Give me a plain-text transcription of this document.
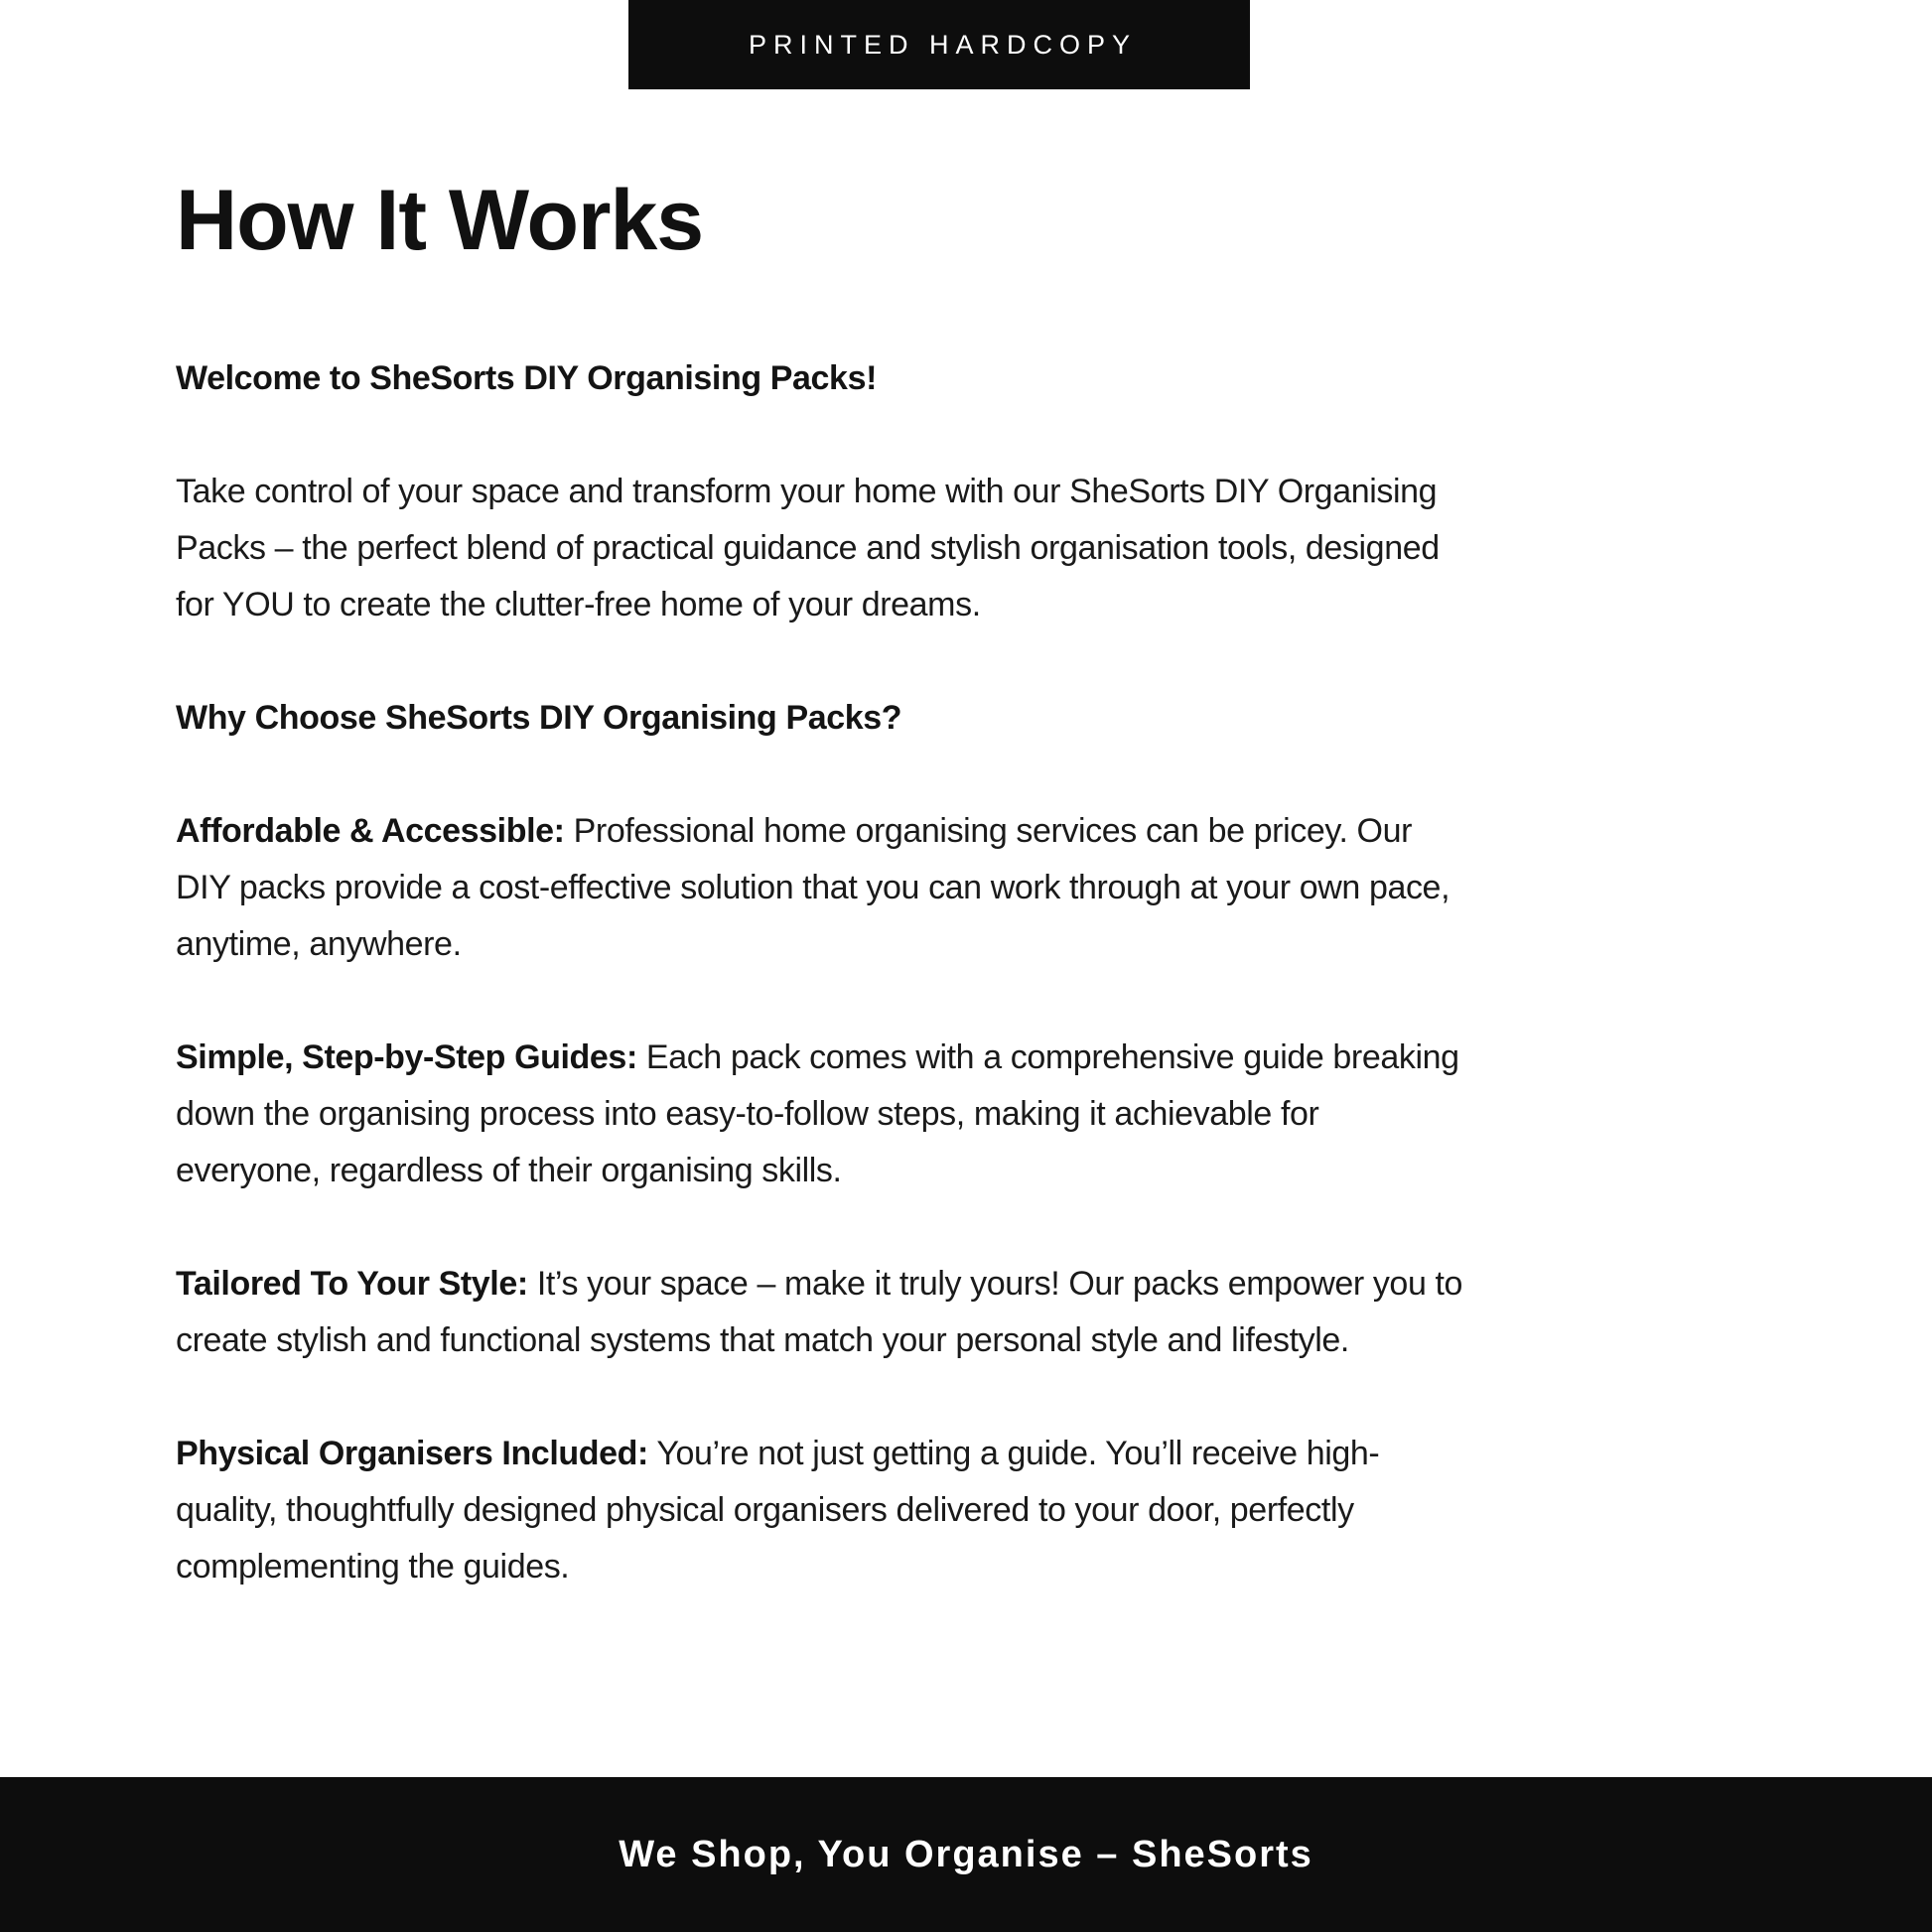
PRINTED HARDCOPY
How It Works

Welcome to SheSorts DIY Organising Packs!

Take control of your space and transform your home with our SheSorts DIY Organising Packs – the perfect blend of practical guidance and stylish organisation tools, designed for YOU to create the clutter-free home of your dreams.

Why Choose SheSorts DIY Organising Packs?

Affordable & Accessible: Professional home organising services can be pricey. Our DIY packs provide a cost-effective solution that you can work through at your own pace, anytime, anywhere.

Simple, Step-by-Step Guides: Each pack comes with a comprehensive guide breaking down the organising process into easy-to-follow steps, making it achievable for everyone, regardless of their organising skills.

Tailored To Your Style: It’s your space – make it truly yours! Our packs empower you to create stylish and functional systems that match your personal style and lifestyle.

Physical Organisers Included: You’re not just getting a guide. You’ll receive high-quality, thoughtfully designed physical organisers delivered to your door, perfectly complementing the guides.

We Shop, You Organise – SheSorts
